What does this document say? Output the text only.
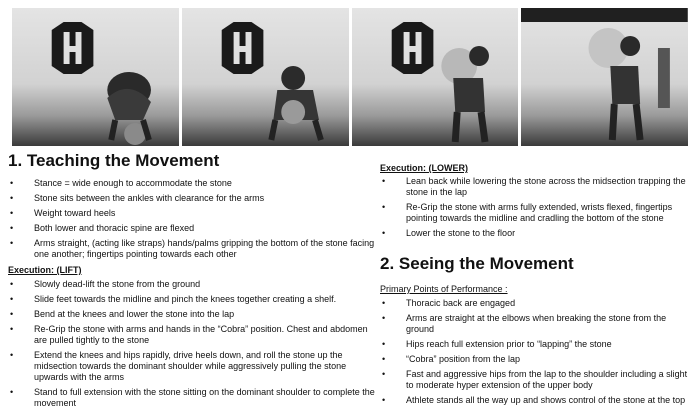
1. Teaching the Movement
• Stance = wide enough to accommodate the stone
• Stone sits between the ankles with clearance for the arms
• Weight toward heels
• Both lower and thoracic spine are flexed
• Arms straight, (acting like straps) hands/palms gripping the bottom of the stone facing one another; fingertips pointing towards each other
Execution: (LIFT)
• Slowly dead-lift the stone from the ground
• Slide feet towards the midline and pinch the knees together creating a shelf.
• Bend at the knees and lower the stone into the lap
• Re-Grip the stone with arms and hands in the “Cobra” position. Chest and abdomen are pulled tightly to the stone
• Extend the knees and hips rapidly, drive heels down, and roll the stone up the midsection towards the dominant shoulder while aggressively pulling the stone upwards with the arms
• Stand to full extension with the stone sitting on the dominant shoulder to complete the movement
Execution: (LOWER)
• Lean back while lowering the stone across the midsection trapping the stone in the lap
• Re-Grip the stone with arms fully extended, wrists flexed, fingertips pointing towards the midline and cradling the bottom of the stone
• Lower the stone to the floor
2. Seeing the Movement
Primary Points of Performance :
• Thoracic back are engaged
• Arms are straight at the elbows when breaking the stone from the ground
• Hips reach full extension prior to “lapping” the stone
• “Cobra” position from the lap
• Fast and aggressive hips from the lap to the shoulder including a slight to moderate hyper extension of the upper body
• Athlete stands all the way up and shows control of the stone at the top
